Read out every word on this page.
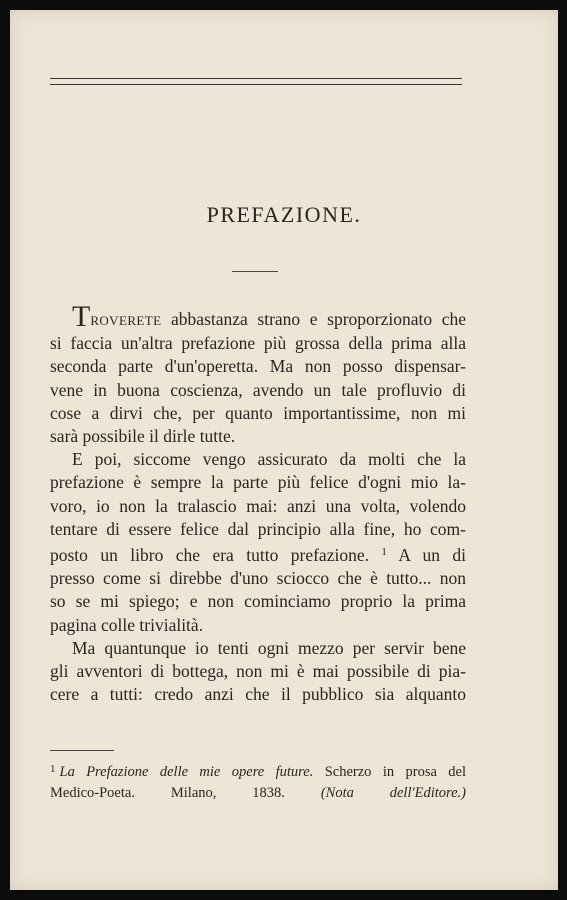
PREFAZIONE.
TROVERETE abbastanza strano e sproporzionato che
si faccia un'altra prefazione più grossa della prima alla
seconda parte d'un'operetta. Ma non posso dispensar-
vene in buona coscienza, avendo un tale profluvio di
cose a dirvi che, per quanto importantissime, non mi
sarà possibile il dirle tutte.
E poi, siccome vengo assicurato da molti che la
prefazione è sempre la parte più felice d'ogni mio la-
voro, io non la tralascio mai: anzi una volta, volendo
tentare di essere felice dal principio alla fine, ho com-
posto un libro che era tutto prefazione. $^1$ A un di
presso come si direbbe d'uno sciocco che è tutto... non
so se mi spiego; e non cominciamo proprio la prima
pagina colle trivialità.
Ma quantunque io tenti ogni mezzo per servir bene
gli avventori di bottega, non mi è mai possibile di pia-
cere a tutti: credo anzi che il pubblico sia alquanto
$^1$ La Prefazione delle mie opere future. Scherzo in prosa del
Medico-Poeta. Milano, 1838. (Nota dell'Editore.)
